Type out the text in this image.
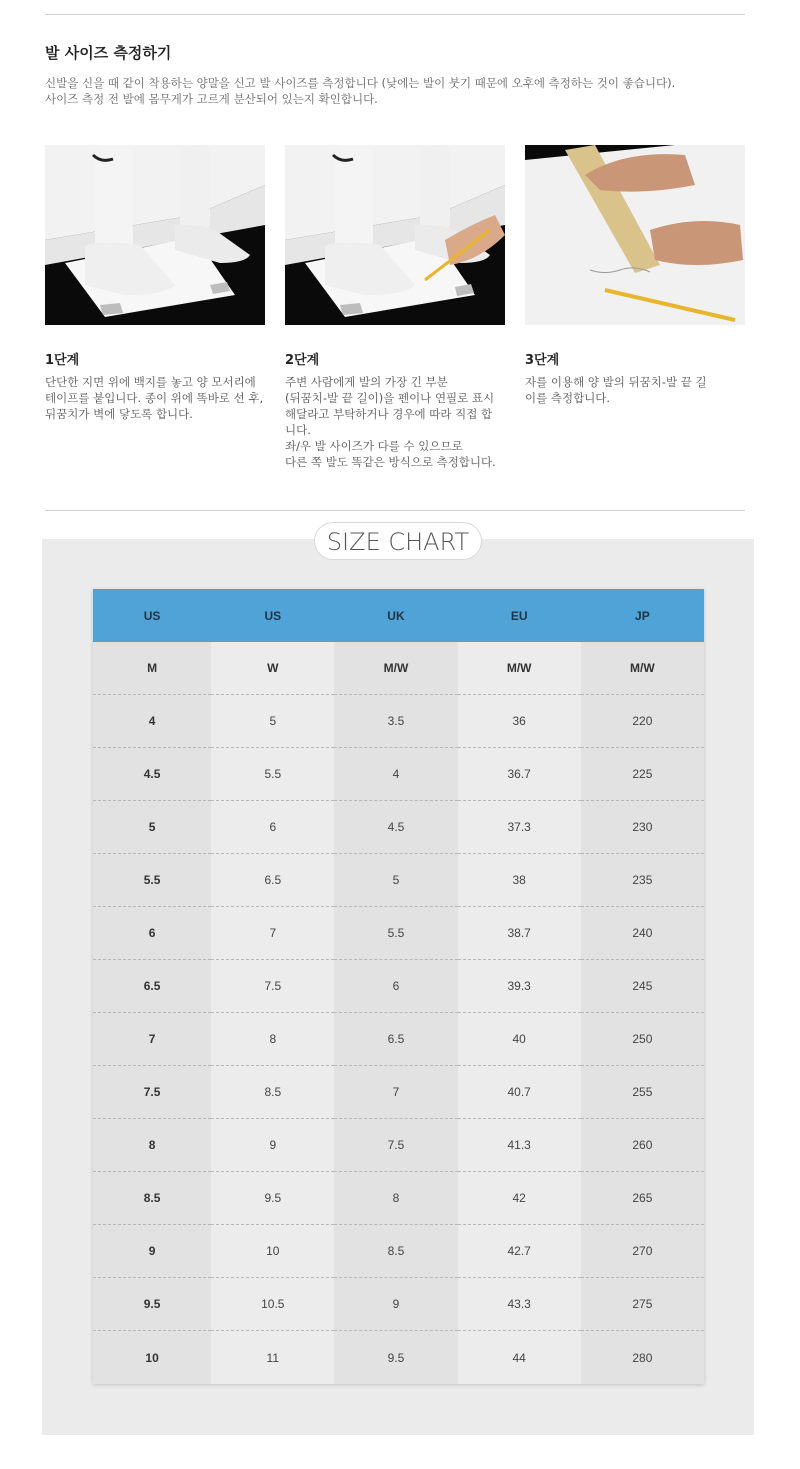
발 사이즈 측정하기
신발을 신을 때 같이 착용하는 양말을 신고 발 사이즈를 측정합니다 (낮에는 발이 붓기 때문에 오후에 측정하는 것이 좋습니다).
사이즈 측정 전 발에 몸무게가 고르게 분산되어 있는지 확인합니다.
1단계
단단한 지면 위에 백지를 놓고 양 모서리에
테이프를 붙입니다. 종이 위에 똑바로 선 후,
뒤꿈치가 벽에 닿도록 합니다.
2단계
주변 사람에게 발의 가장 긴 부분
(뒤꿈치-발 끝 길이)을 펜이나 연필로 표시
해달라고 부탁하거나 경우에 따라 직접 합
니다.
좌/우 발 사이즈가 다를 수 있으므로
다른 쪽 발도 똑같은 방식으로 측정합니다.
3단계
자를 이용해 양 발의 뒤꿈치-발 끝 길
이를 측정합니다.
SIZE CHART
US	US	UK	EU	JP
M	W	M/W	M/W	M/W
4	5	3.5	36	220
4.5	5.5	4	36.7	225
5	6	4.5	37.3	230
5.5	6.5	5	38	235
6	7	5.5	38.7	240
6.5	7.5	6	39.3	245
7	8	6.5	40	250
7.5	8.5	7	40.7	255
8	9	7.5	41.3	260
8.5	9.5	8	42	265
9	10	8.5	42.7	270
9.5	10.5	9	43.3	275
10	11	9.5	44	280
